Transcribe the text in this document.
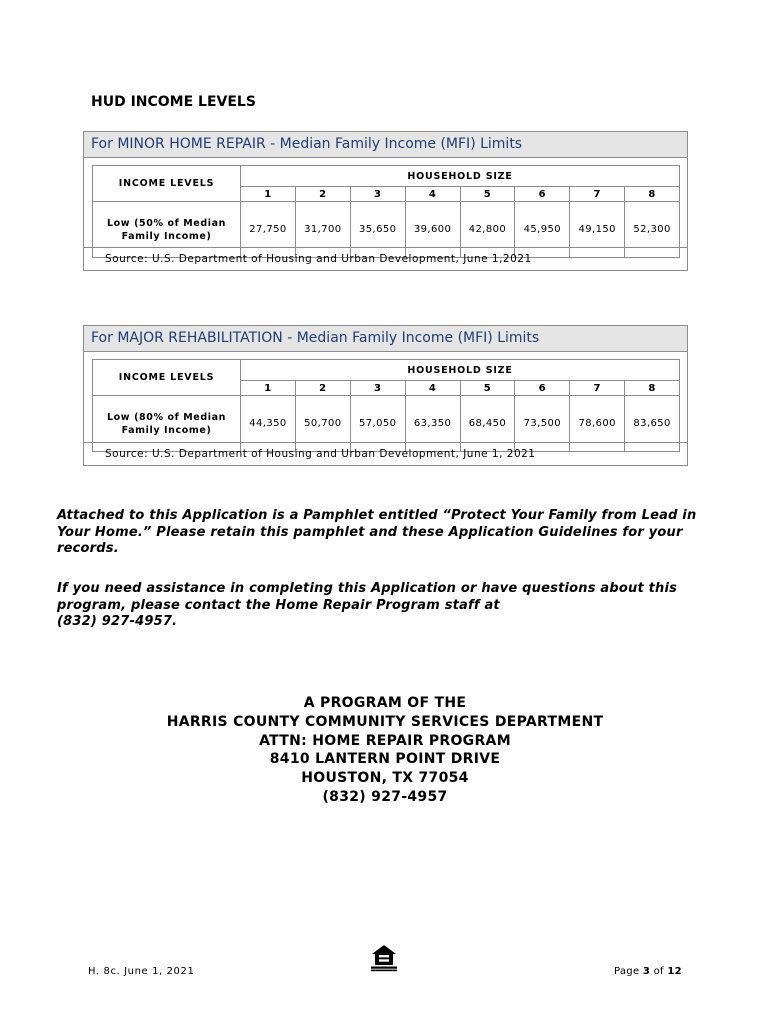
HUD INCOME LEVELS
For MINOR HOME REPAIR - Median Family Income (MFI) Limits
INCOME LEVELS	HOUSEHOLD SIZE							
	1	2	3	4	5	6	7	8

Low (50% of Median
Family Income)	27,750	31,700	35,650	39,600	42,800	45,950	49,150	52,300
Source: U.S. Department of Housing and Urban Development, June 1,2021
For MAJOR REHABILITATION - Median Family Income (MFI) Limits
INCOME LEVELS	HOUSEHOLD SIZE							
	1	2	3	4	5	6	7	8

Low (80% of Median
Family Income)	44,350	50,700	57,050	63,350	68,450	73,500	78,600	83,650
Source: U.S. Department of Housing and Urban Development, June 1, 2021
Attached to this Application is a Pamphlet entitled “Protect Your Family from Lead in Your Home.” Please retain this pamphlet and these Application Guidelines for your records.
If you need assistance in completing this Application or have questions about this
program, please contact the Home Repair Program staff at
(832) 927-4957.
A PROGRAM OF THE
HARRIS COUNTY COMMUNITY SERVICES DEPARTMENT
ATTN: HOME REPAIR PROGRAM
8410 LANTERN POINT DRIVE
HOUSTON, TX 77054
(832) 927-4957
H. 8c. June 1, 2021	Page 3 of 12
